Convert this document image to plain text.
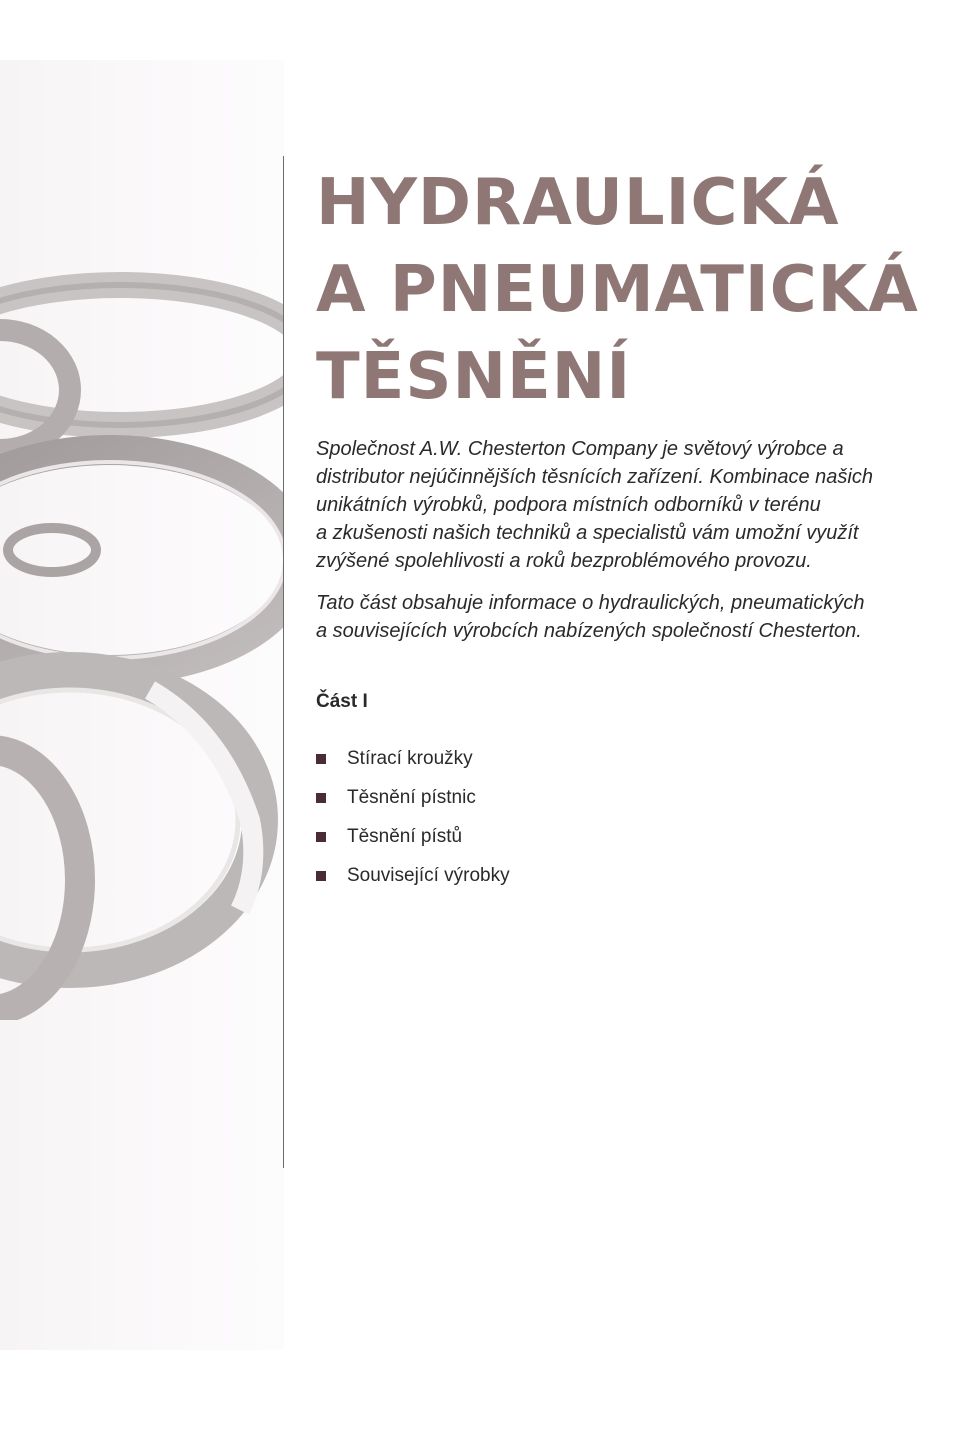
HYDRAULICKÁ
A PNEUMATICKÁ
TĚSNĚNÍ

Společnost A.W. Chesterton Company je světový výrobce a
distributor nejúčinnějších těsnících zařízení. Kombinace našich
unikátních výrobků, podpora místních odborníků v terénu
a zkušenosti našich techniků a specialistů vám umožní využít
zvýšené spolehlivosti a roků bezproblémového provozu.

Tato část obsahuje informace o hydraulických, pneumatických
a souvisejících výrobcích nabízených společností Chesterton.

Část I
Stírací kroužky
Těsnění pístnic
Těsnění pístů
Související výrobky
